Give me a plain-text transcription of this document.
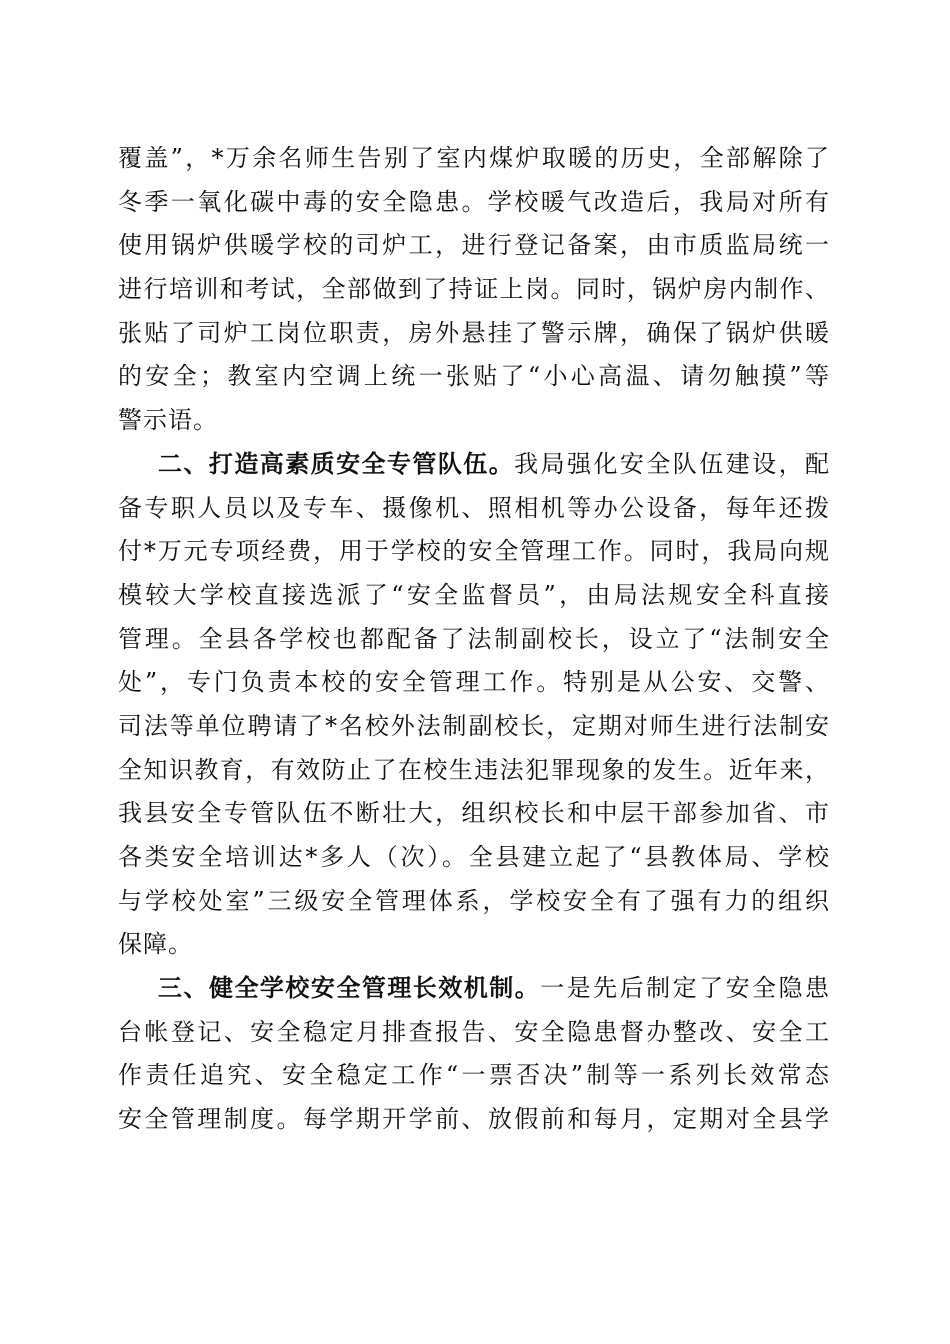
覆盖”，*万余名师生告别了室内煤炉取暖的历史，全部解除了
冬季一氧化碳中毒的安全隐患。学校暖气改造后，我局对所有
使用锅炉供暖学校的司炉工，进行登记备案，由市质监局统一
进行培训和考试，全部做到了持证上岗。同时，锅炉房内制作、
张贴了司炉工岗位职责，房外悬挂了警示牌，确保了锅炉供暖
的安全；教室内空调上统一张贴了“小心高温、请勿触摸”等
警示语。
二、打造高素质安全专管队伍。我局强化安全队伍建设，配
备专职人员以及专车、摄像机、照相机等办公设备，每年还拨
付*万元专项经费，用于学校的安全管理工作。同时，我局向规
模较大学校直接选派了“安全监督员”，由局法规安全科直接
管理。全县各学校也都配备了法制副校长，设立了“法制安全
处”，专门负责本校的安全管理工作。特别是从公安、交警、
司法等单位聘请了*名校外法制副校长，定期对师生进行法制安
全知识教育，有效防止了在校生违法犯罪现象的发生。近年来，
我县安全专管队伍不断壮大，组织校长和中层干部参加省、市
各类安全培训达*多人（次）。全县建立起了“县教体局、学校
与学校处室”三级安全管理体系，学校安全有了强有力的组织
保障。
三、健全学校安全管理长效机制。一是先后制定了安全隐患
台帐登记、安全稳定月排查报告、安全隐患督办整改、安全工
作责任追究、安全稳定工作“一票否决”制等一系列长效常态
安全管理制度。每学期开学前、放假前和每月，定期对全县学
